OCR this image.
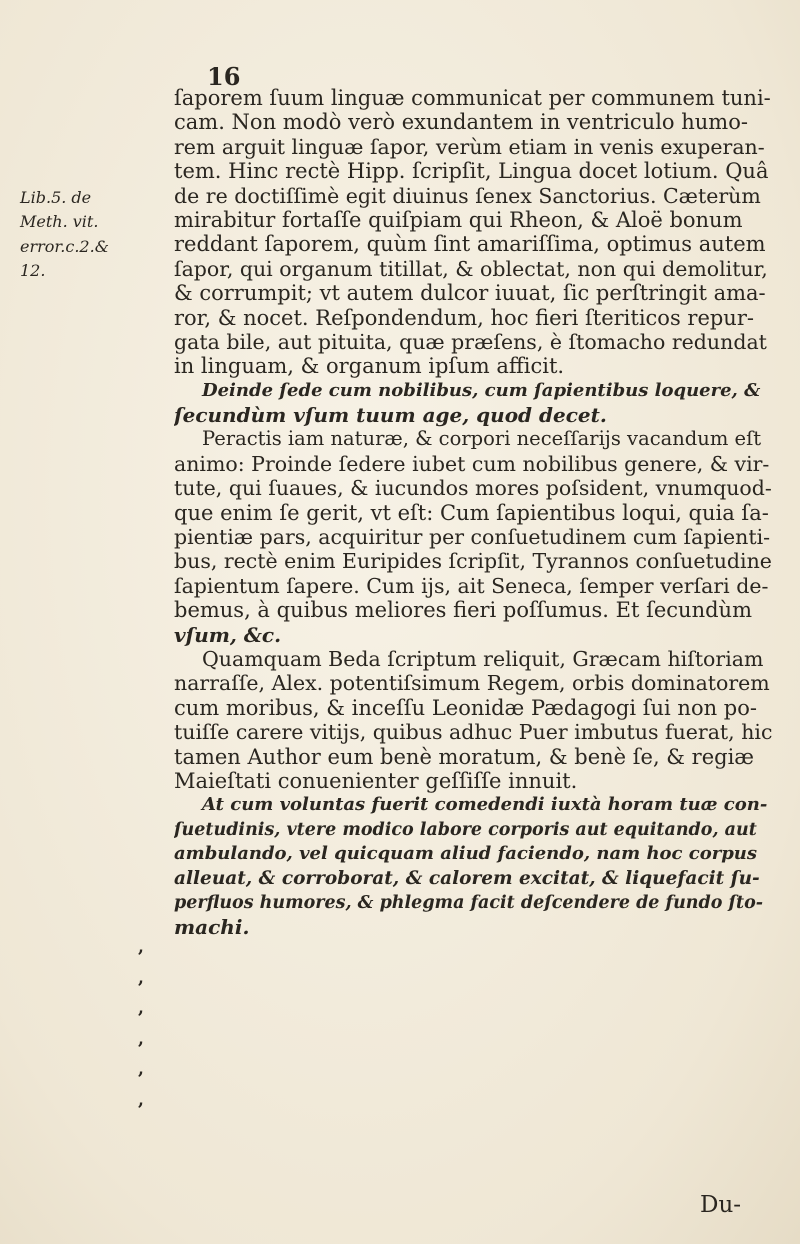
16
Lib.5. de
Meth. vit.
error.c.2.&
12.
,
,
,
,
,
,
ſaporem ſuum linguæ communicat per communem tuni-
cam. Non modò verò exundantem in ventriculo humo-
rem arguit linguæ ſapor, verùm etiam in venis exuperan-
tem. Hinc rectè Hipp. ſcripſit, Lingua docet lotium. Quâ
de re doctiſſimè egit diuinus ſenex Sanctorius. Cæterùm
mirabitur fortaſſe quiſpiam qui Rheon, & Aloë bonum
reddant ſaporem, quùm ſint amariſſima, optimus autem
ſapor, qui organum titillat, & oblectat, non qui demolitur,
& corrumpit; vt autem dulcor iuuat, ſic perſtringit ama-
ror, & nocet. Reſpondendum, hoc fieri ſteriticos repur-
gata bile, aut pituita, quæ præſens, è ſtomacho redundat
in linguam, & organum ipſum afficit.
Deinde ſede cum nobilibus, cum ſapientibus loquere, &
ſecundùm vſum tuum age, quod decet.
Peractis iam naturæ, & corpori neceſſarijs vacandum eſt
animo: Proinde ſedere iubet cum nobilibus genere, & vir-
tute, qui ſuaues, & iucundos mores poſsident, vnumquod-
que enim ſe gerit, vt eſt: Cum ſapientibus loqui, quia ſa-
pientiæ pars, acquiritur per conſuetudinem cum ſapienti-
bus, rectè enim Euripides ſcripſit, Tyrannos conſuetudine
ſapientum ſapere. Cum ijs, ait Seneca, ſemper verſari de-
bemus, à quibus meliores fieri poſſumus. Et ſecundùm
vſum, &c.
Quamquam Beda ſcriptum reliquit, Græcam hiſtoriam
narraſſe, Alex. potentiſsimum Regem, orbis dominatorem
cum moribus, & inceſſu Leonidæ Pædagogi ſui non po-
tuiſſe carere vitijs, quibus adhuc Puer imbutus fuerat, hic
tamen Author eum benè moratum, & benè ſe, & regiæ
Maieſtati conuenienter geſſiſſe innuit.
At cum voluntas fuerit comedendi iuxtà horam tuæ con-
ſuetudinis, vtere modico labore corporis aut equitando, aut
ambulando, vel quicquam aliud faciendo, nam hoc corpus
alleuat, & corroborat, & calorem excitat, & liquefacit ſu-
perfluos humores, & phlegma facit deſcendere de fundo ſto-
machi.
Du-
